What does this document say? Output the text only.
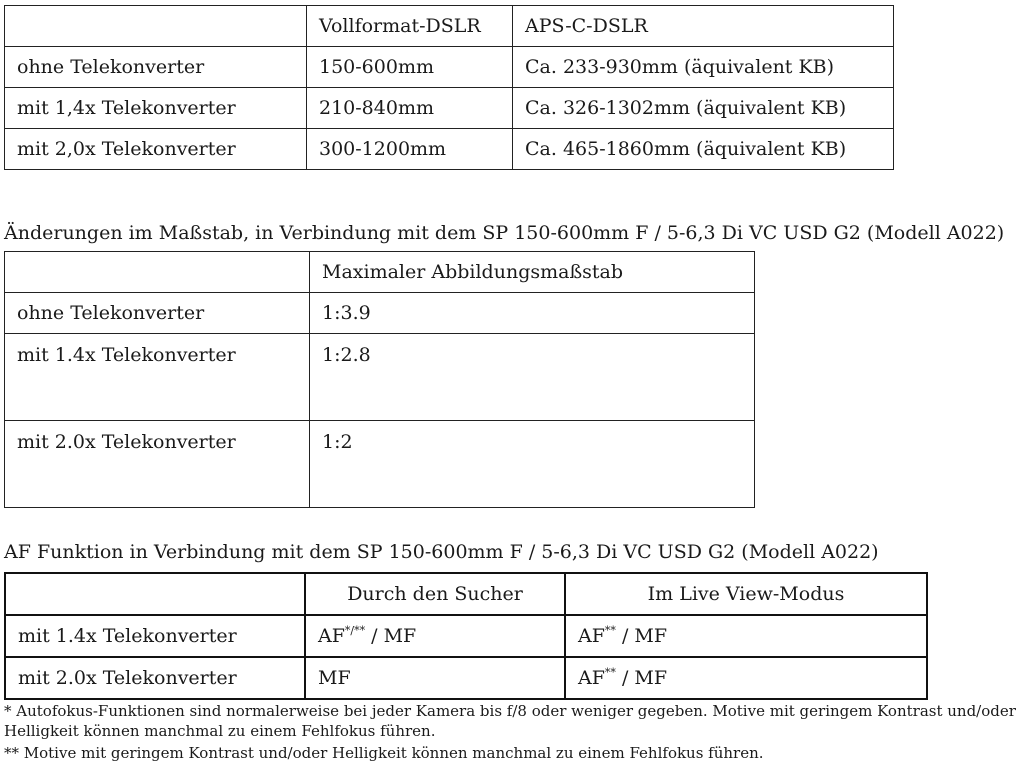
	Vollformat-DSLR	APS-C-DSLR
ohne Telekonverter	150-600mm	Ca. 233-930mm (äquivalent KB)
mit 1,4x Telekonverter	210-840mm	Ca. 326-1302mm (äquivalent KB)
mit 2,0x Telekonverter	300-1200mm	Ca. 465-1860mm (äquivalent KB)
Änderungen im Maßstab, in Verbindung mit dem SP 150-600mm F / 5-6,3 Di VC USD G2 (Modell A022)
	Maximaler Abbildungsmaßstab
ohne Telekonverter	1:3.9
mit 1.4x Telekonverter	1:2.8
mit 2.0x Telekonverter	1:2
AF Funktion in Verbindung mit dem SP 150-600mm F / 5-6,3 Di VC USD G2 (Modell A022)
	Durch den Sucher	Im Live View-Modus
mit 1.4x Telekonverter	AF*/** / MF	AF** / MF
mit 2.0x Telekonverter	MF	AF** / MF
* Autofokus-Funktionen sind normalerweise bei jeder Kamera bis f/8 oder weniger gegeben. Motive mit geringem Kontrast und/oder Helligkeit können manchmal zu einem Fehlfokus führen.
** Motive mit geringem Kontrast und/oder Helligkeit können manchmal zu einem Fehlfokus führen.
